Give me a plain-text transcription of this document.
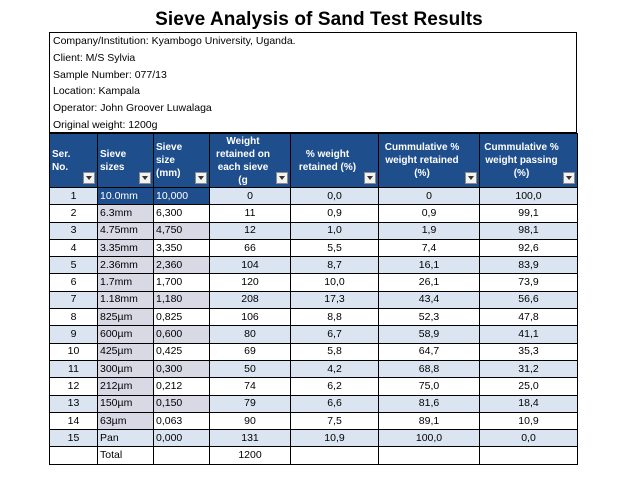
Sieve Analysis of Sand Test Results
Company/Institution: Kyambogo University, Uganda.
Client: M/S Sylvia
Sample Number: 077/13
Location: Kampala
Operator: John Groover Luwalaga
Original weight: 1200g
Ser. No.	Sieve sizes	Sieve size (mm)	Weight retained on each sieve (g	% weight retained (%)	Cummulative % weight retained (%)	Cummulative % weight passing (%)

1	10.0mm	10,000	0	0,0	0	100,0
2	6.3mm	6,300	11	0,9	0,9	99,1
3	4.75mm	4,750	12	1,0	1,9	98,1
4	3.35mm	3,350	66	5,5	7,4	92,6
5	2.36mm	2,360	104	8,7	16,1	83,9
6	1.7mm	1,700	120	10,0	26,1	73,9
7	1.18mm	1,180	208	17,3	43,4	56,6
8	825µm	0,825	106	8,8	52,3	47,8
9	600µm	0,600	80	6,7	58,9	41,1
10	425µm	0,425	69	5,8	64,7	35,3
11	300µm	0,300	50	4,2	68,8	31,2
12	212µm	0,212	74	6,2	75,0	25,0
13	150µm	0,150	79	6,6	81,6	18,4
14	63µm	0,063	90	7,5	89,1	10,9
15	Pan	0,000	131	10,9	100,0	0,0
	Total		1200			
